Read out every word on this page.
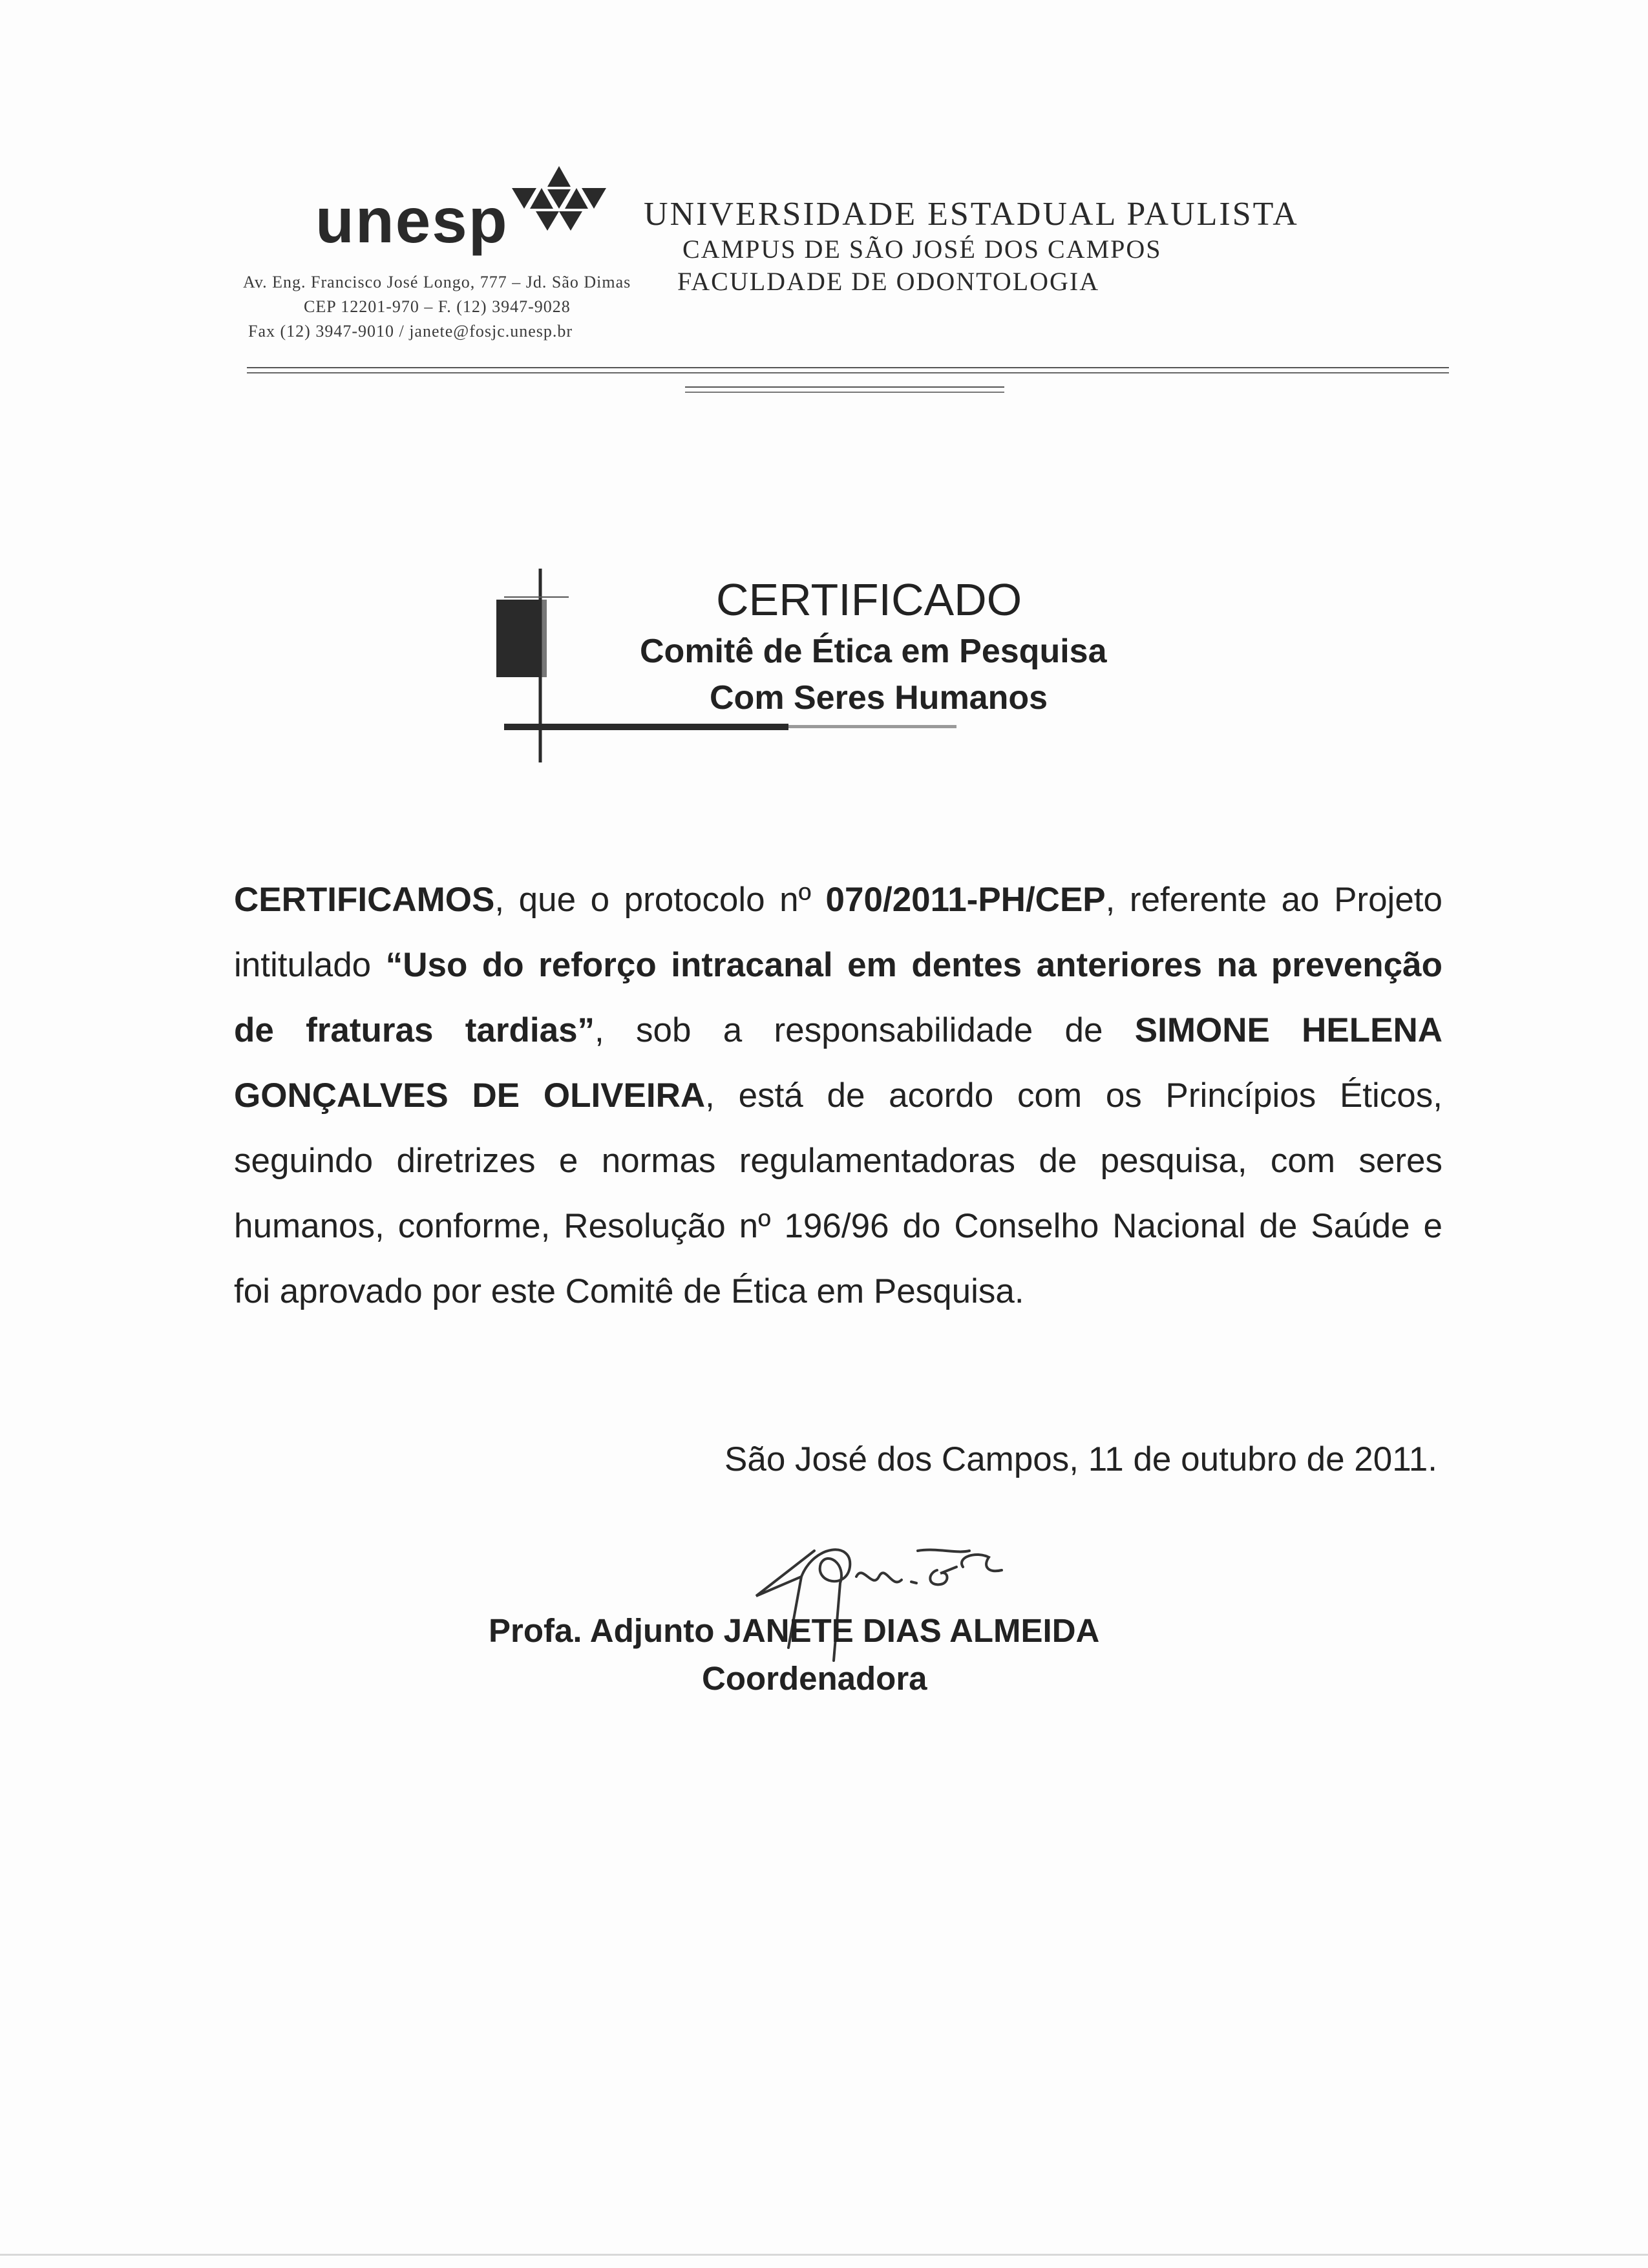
unesp	UNIVERSIDADE ESTADUAL PAULISTA
CAMPUS DE SÃO JOSÉ DOS CAMPOS
FACULDADE DE ODONTOLOGIA
Av. Eng. Francisco José Longo, 777 – Jd. São Dimas
CEP 12201-970 – F. (12) 3947-9028
Fax (12) 3947-9010 / janete@fosjc.unesp.br
CERTIFICADO
Comitê de Ética em Pesquisa
Com Seres Humanos
CERTIFICAMOS, que o protocolo nº 070/2011-PH/CEP, referente ao Projeto intitulado “Uso do reforço intracanal em dentes anteriores na prevenção de fraturas tardias”, sob a responsabilidade de SIMONE HELENA GONÇALVES DE OLIVEIRA, está de acordo com os Princípios Éticos, seguindo diretrizes e normas regulamentadoras de pesquisa, com seres humanos, conforme, Resolução nº 196/96 do Conselho Nacional de Saúde e foi aprovado por este Comitê de Ética em Pesquisa.
São José dos Campos, 11 de outubro de 2011.
Profa. Adjunto JANETE DIAS ALMEIDA
Coordenadora
